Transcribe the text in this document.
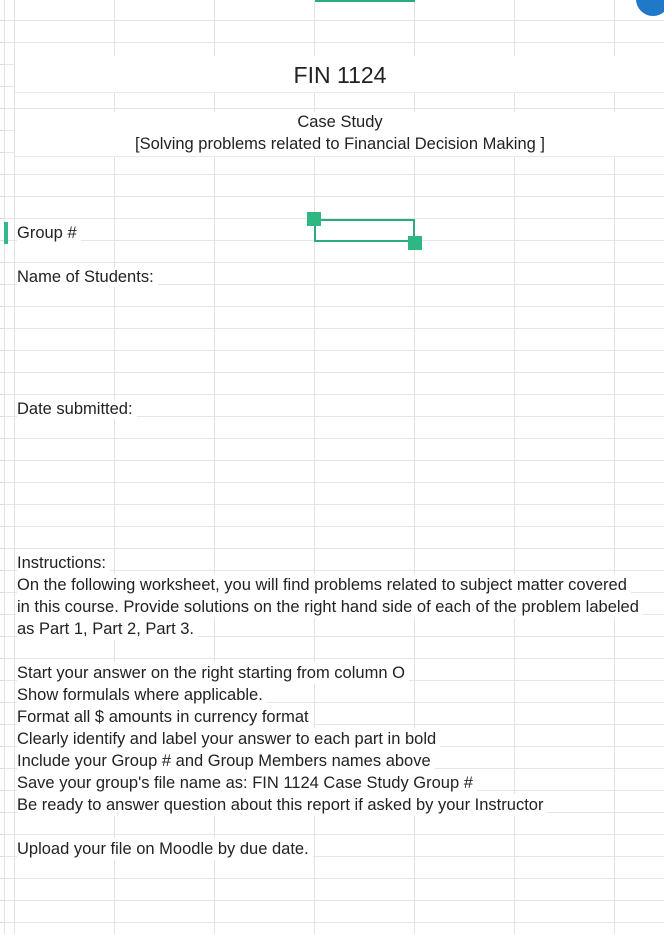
FIN 1124
Case Study
[Solving problems related to Financial Decision Making ]
Group #
Name of Students:
Date submitted:
Instructions:
On the following worksheet, you will find problems related to subject matter covered
in this course. Provide solutions on the right hand side of each of the problem labeled
as Part 1, Part 2, Part 3.
Start your answer on the right starting from column O
Show formulals where applicable.
Format all $ amounts in currency format
Clearly identify and label your answer to each part in bold
Include your Group # and Group Members names above
Save your group's file name as: FIN 1124 Case Study Group #
Be ready to answer question about this report if asked by your Instructor
Upload your file on Moodle by due date.
